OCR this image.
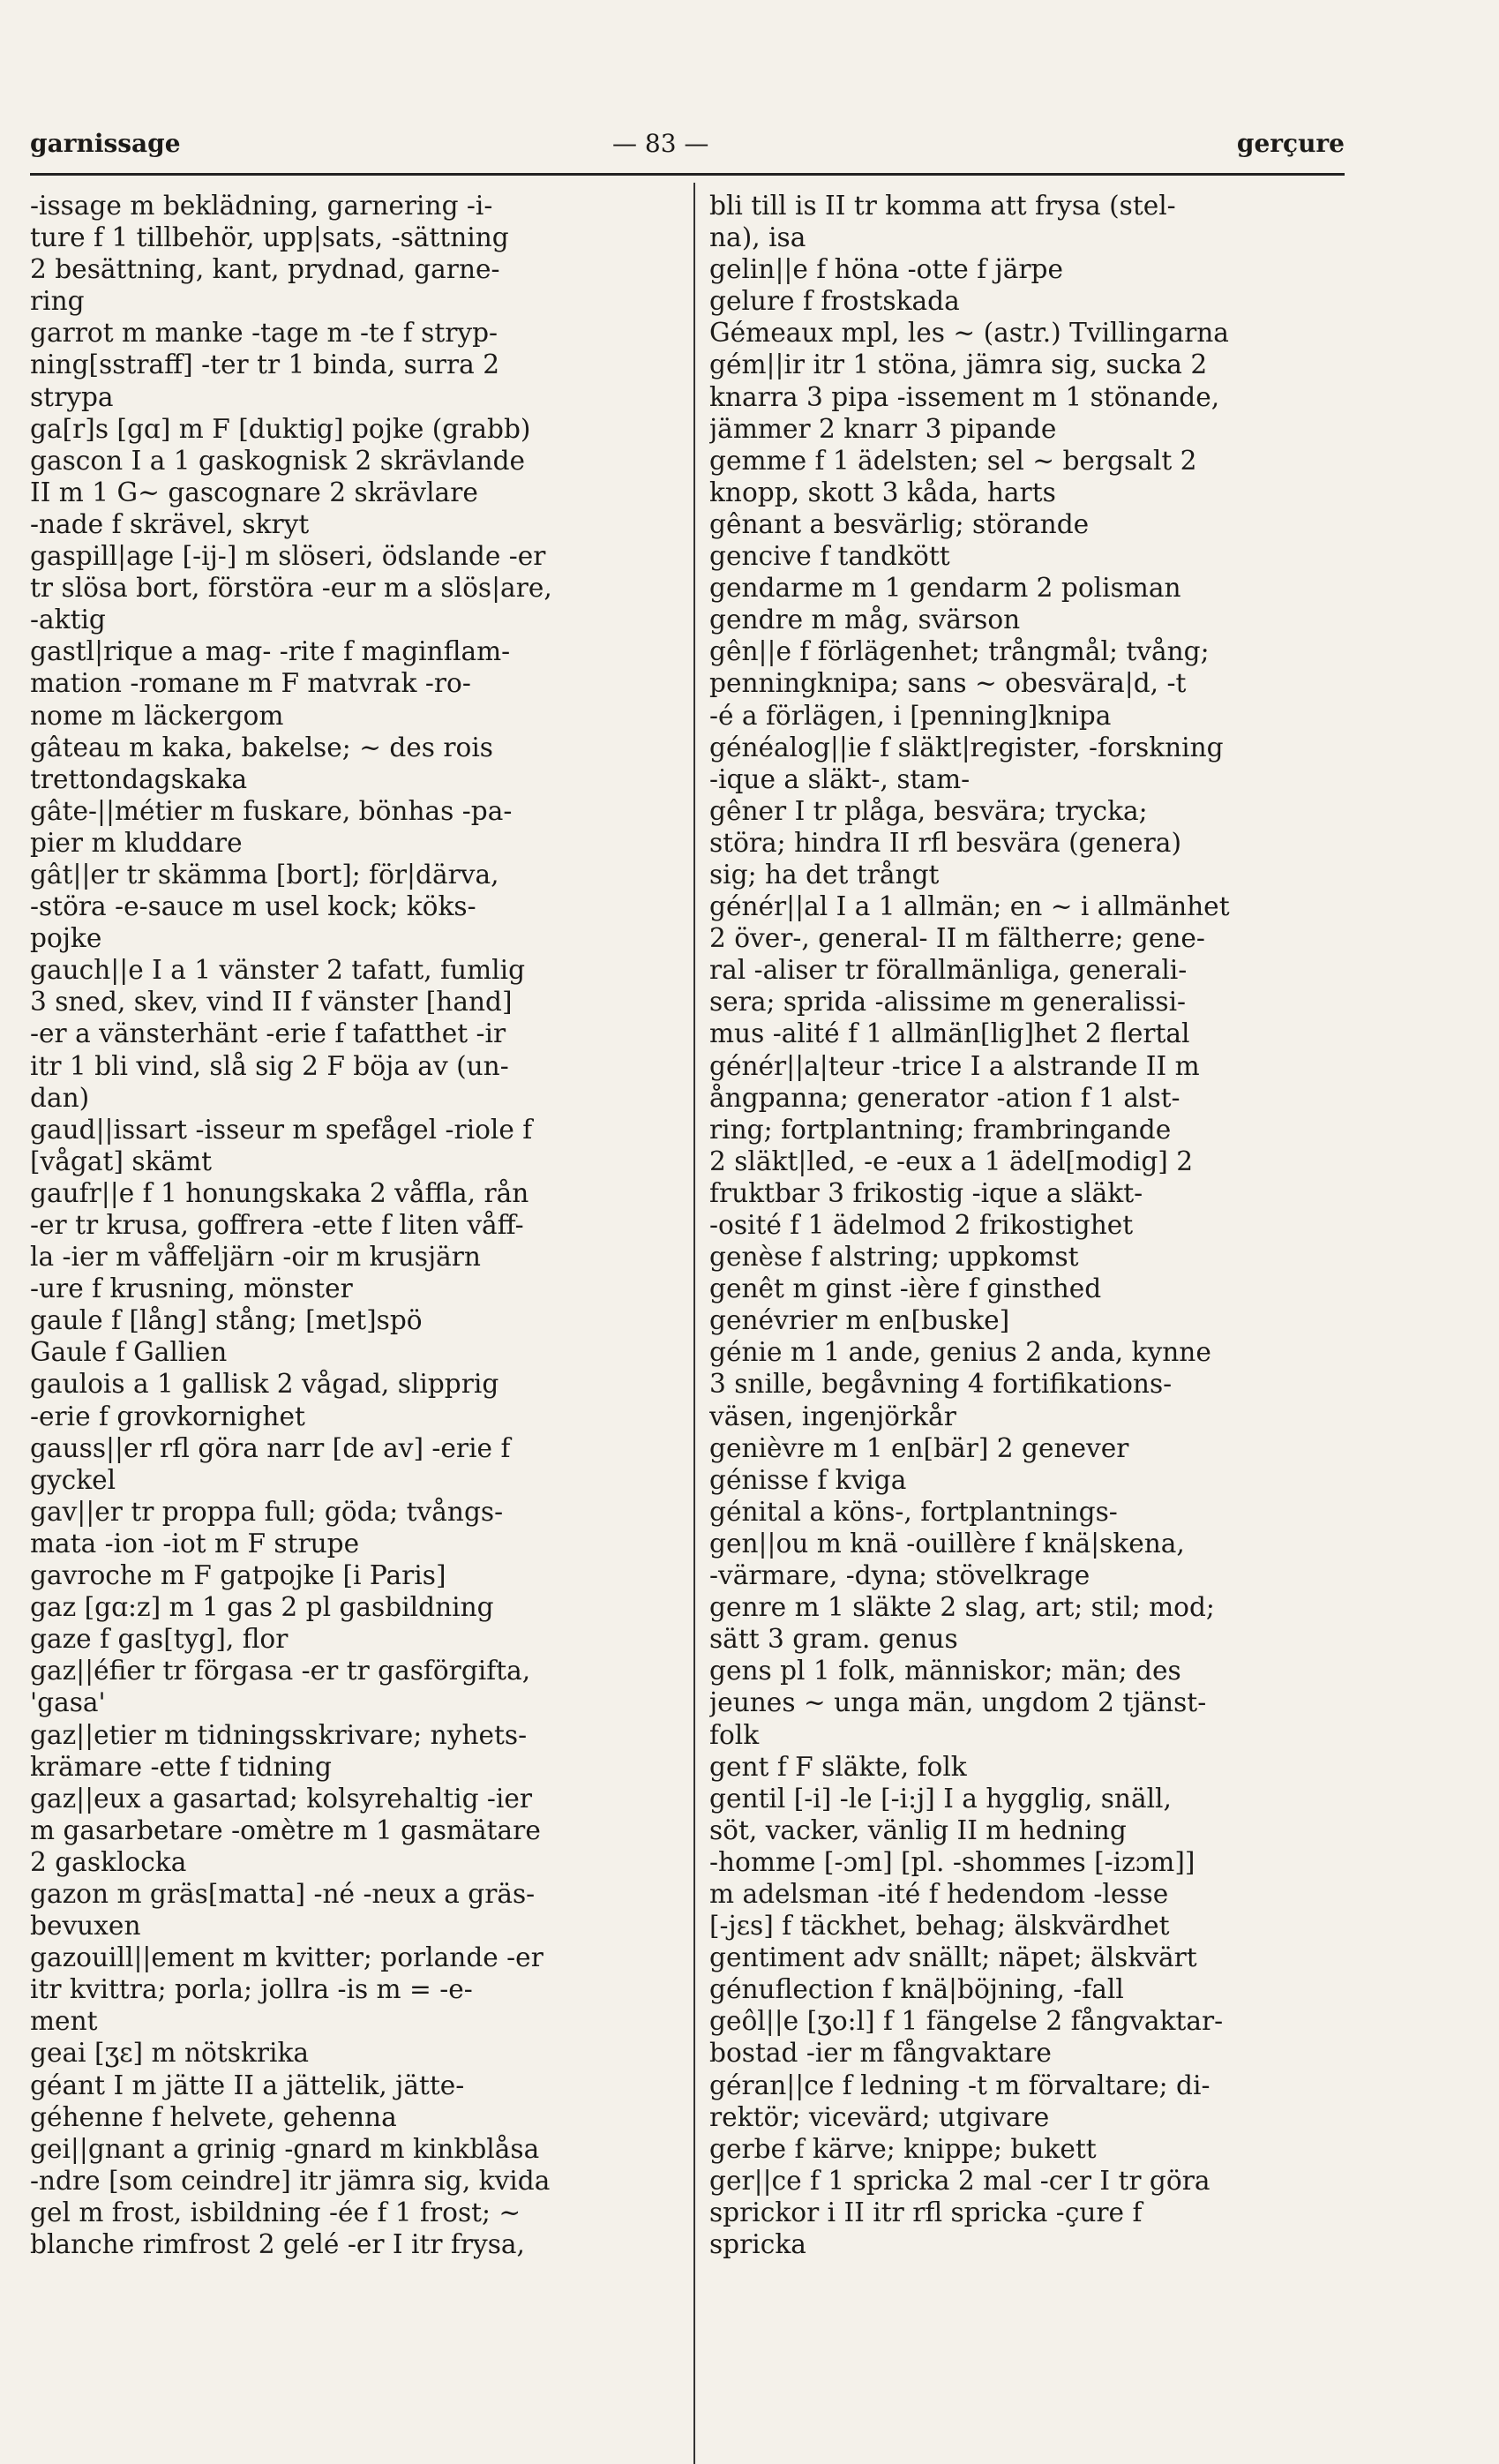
garnissage	— 83 —	gerçure
-issage m beklädning, garnering -i-
ture f 1 tillbehör, upp|sats, -sättning
2 besättning, kant, prydnad, garne-
ring
garrot m manke -tage m -te f stryp-
ning[sstraff] -ter tr 1 binda, surra 2
strypa
ga[r]s [gɑ] m F [duktig] pojke (grabb)
gascon I a 1 gaskognisk 2 skrävlande
II m 1 G~ gascognare 2 skrävlare
-nade f skrävel, skryt
gaspill|age [-ij-] m slöseri, ödslande -er
tr slösa bort, förstöra -eur m a slös|are,
-aktig
gastl|rique a mag- -rite f maginflam-
mation -romane m F matvrak -ro-
nome m läckergom
gâteau m kaka, bakelse; ~ des rois
trettondagskaka
gâte-||métier m fuskare, bönhas -pa-
pier m kluddare
gât||er tr skämma [bort]; för|därva,
-störa -e-sauce m usel kock; köks-
pojke
gauch||e I a 1 vänster 2 tafatt, fumlig
3 sned, skev, vind II f vänster [hand]
-er a vänsterhänt -erie f tafatthet -ir
itr 1 bli vind, slå sig 2 F böja av (un-
dan)
gaud||issart -isseur m spefågel -riole f
[vågat] skämt
gaufr||e f 1 honungskaka 2 våffla, rån
-er tr krusa, goffrera -ette f liten våff-
la -ier m våffeljärn -oir m krusjärn
-ure f krusning, mönster
gaule f [lång] stång; [met]spö
Gaule f Gallien
gaulois a 1 gallisk 2 vågad, slipprig
-erie f grovkornighet
gauss||er rfl göra narr [de av] -erie f
gyckel
gav||er tr proppa full; göda; tvångs-
mata -ion -iot m F strupe
gavroche m F gatpojke [i Paris]
gaz [gɑ:z] m 1 gas 2 pl gasbildning
gaze f gas[tyg], flor
gaz||éfier tr förgasa -er tr gasförgifta,
'gasa'
gaz||etier m tidningsskrivare; nyhets-
krämare -ette f tidning
gaz||eux a gasartad; kolsyrehaltig -ier
m gasarbetare -omètre m 1 gasmätare
2 gasklocka
gazon m gräs[matta] -né -neux a gräs-
bevuxen
gazouill||ement m kvitter; porlande -er
itr kvittra; porla; jollra -is m = -e-
ment
geai [ʒɛ] m nötskrika
géant I m jätte II a jättelik, jätte-
géhenne f helvete, gehenna
gei||gnant a grinig -gnard m kinkblåsa
-ndre [som ceindre] itr jämra sig, kvida
gel m frost, isbildning -ée f 1 frost; ~
blanche rimfrost 2 gelé -er I itr frysa,
bli till is II tr komma att frysa (stel-
na), isa
gelin||e f höna -otte f järpe
gelure f frostskada
Gémeaux mpl, les ~ (astr.) Tvillingarna
gém||ir itr 1 stöna, jämra sig, sucka 2
knarra 3 pipa -issement m 1 stönande,
jämmer 2 knarr 3 pipande
gemme f 1 ädelsten; sel ~ bergsalt 2
knopp, skott 3 kåda, harts
gênant a besvärlig; störande
gencive f tandkött
gendarme m 1 gendarm 2 polisman
gendre m måg, svärson
gên||e f förlägenhet; trångmål; tvång;
penningknipa; sans ~ obesvära|d, -t
-é a förlägen, i [penning]knipa
généalog||ie f släkt|register, -forskning
-ique a släkt-, stam-
gêner I tr plåga, besvära; trycka;
störa; hindra II rfl besvära (genera)
sig; ha det trångt
génér||al I a 1 allmän; en ~ i allmänhet
2 över-, general- II m fältherre; gene-
ral -aliser tr förallmänliga, generali-
sera; sprida -alissime m generalissi-
mus -alité f 1 allmän[lig]het 2 flertal
génér||a|teur -trice I a alstrande II m
ångpanna; generator -ation f 1 alst-
ring; fortplantning; frambringande
2 släkt|led, -e -eux a 1 ädel[modig] 2
fruktbar 3 frikostig -ique a släkt-
-osité f 1 ädelmod 2 frikostighet
genèse f alstring; uppkomst
genêt m ginst -ière f ginsthed
genévrier m en[buske]
génie m 1 ande, genius 2 anda, kynne
3 snille, begåvning 4 fortifikations-
väsen, ingenjörkår
genièvre m 1 en[bär] 2 genever
génisse f kviga
génital a köns-, fortplantnings-
gen||ou m knä -ouillère f knä|skena,
-värmare, -dyna; stövelkrage
genre m 1 släkte 2 slag, art; stil; mod;
sätt 3 gram. genus
gens pl 1 folk, människor; män; des
jeunes ~ unga män, ungdom 2 tjänst-
folk
gent f F släkte, folk
gentil [-i] -le [-i:j] I a hygglig, snäll,
söt, vacker, vänlig II m hedning
-homme [-ɔm] [pl. -shommes [-izɔm]]
m adelsman -ité f hedendom -lesse
[-jɛs] f täckhet, behag; älskvärdhet
gentiment adv snällt; näpet; älskvärt
génuflection f knä|böjning, -fall
geôl||e [ʒo:l] f 1 fängelse 2 fångvaktar-
bostad -ier m fångvaktare
géran||ce f ledning -t m förvaltare; di-
rektör; vicevärd; utgivare
gerbe f kärve; knippe; bukett
ger||ce f 1 spricka 2 mal -cer I tr göra
sprickor i II itr rfl spricka -çure f
spricka
